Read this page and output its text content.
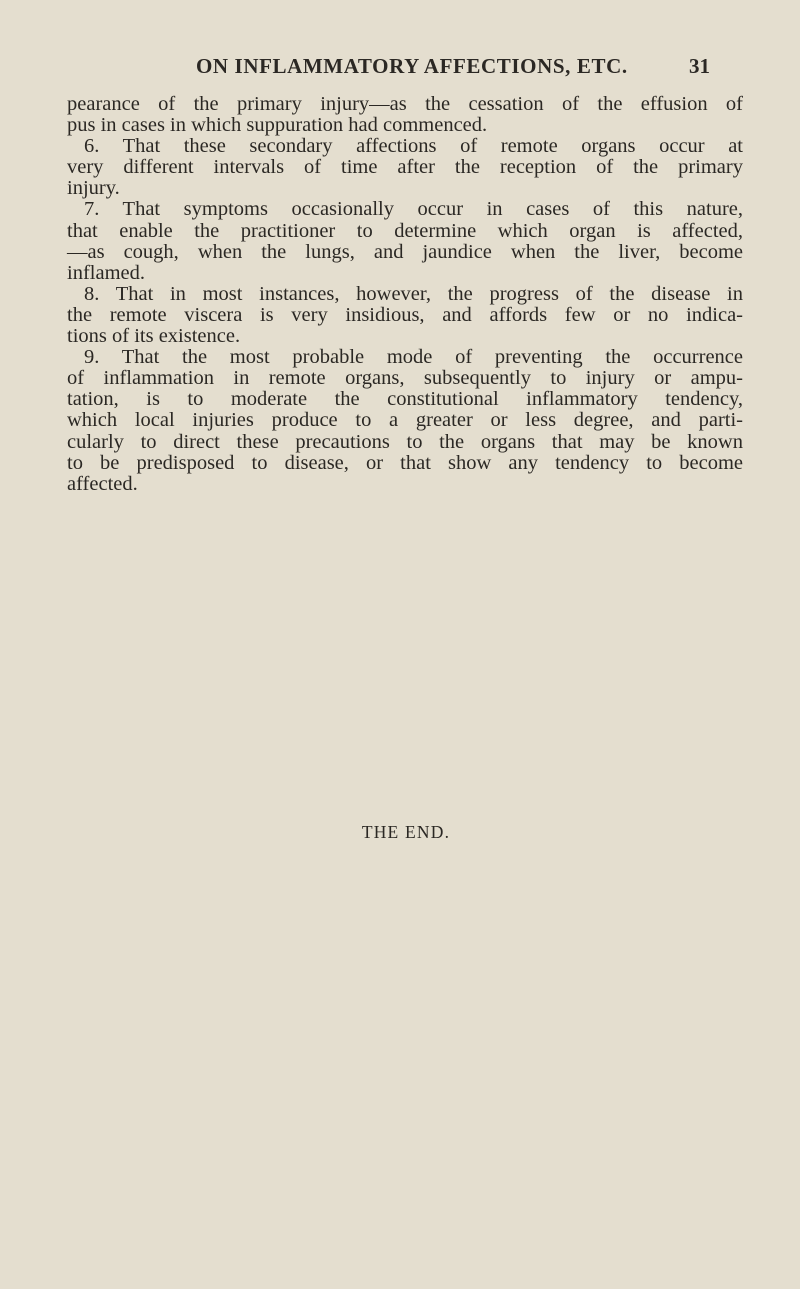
ON INFLAMMATORY AFFECTIONS, ETC.	31
pearance of the primary injury—as the cessation of the effusion of
pus in cases in which suppuration had commenced.
6. That these secondary affections of remote organs occur at
very different intervals of time after the reception of the primary
injury.
7. That symptoms occasionally occur in cases of this nature,
that enable the practitioner to determine which organ is affected,
—as cough, when the lungs, and jaundice when the liver, become
inflamed.
8. That in most instances, however, the progress of the disease in
the remote viscera is very insidious, and affords few or no indica-
tions of its existence.
9. That the most probable mode of preventing the occurrence
of inflammation in remote organs, subsequently to injury or ampu-
tation, is to moderate the constitutional inflammatory tendency,
which local injuries produce to a greater or less degree, and parti-
cularly to direct these precautions to the organs that may be known
to be predisposed to disease, or that show any tendency to become
affected.
THE END.
